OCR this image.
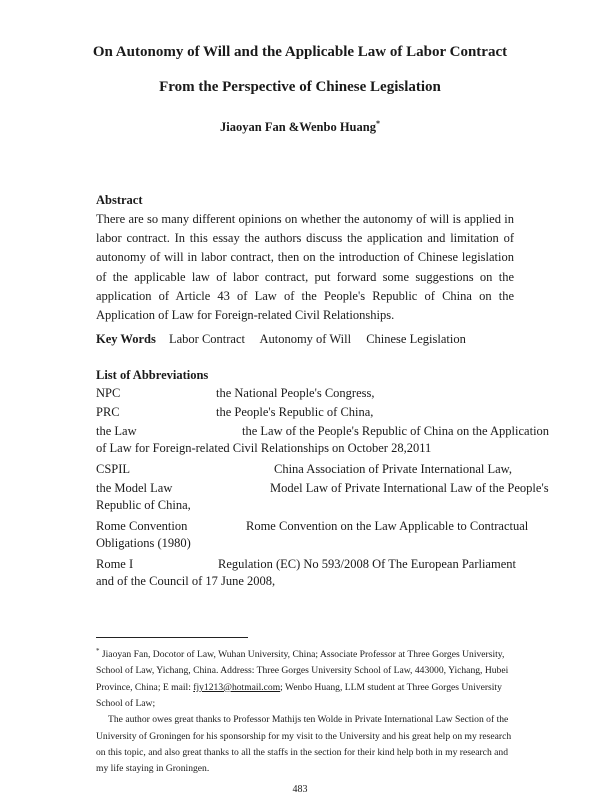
On Autonomy of Will and the Applicable Law of Labor Contract
From the Perspective of Chinese Legislation
Jiaoyan Fan &Wenbo Huang*
Abstract
There are so many different opinions on whether the autonomy of will is applied in labor contract. In this essay the authors discuss the application and limitation of autonomy of will in labor contract, then on the introduction of Chinese legislation of the applicable law of labor contract, put forward some suggestions on the application of Article 43 of Law of the People's Republic of China on the Application of Law for Foreign-related Civil Relationships.
Key Words Labor Contract Autonomy of Will Chinese Legislation
List of Abbreviations
NPC	the National People's Congress,
PRC	the People's Republic of China,
the Law	the Law of the People's Republic of China on the Application
of Law for Foreign-related Civil Relationships on October 28,2011
CSPIL	China Association of Private International Law,
the Model Law	Model Law of Private International Law of the People's
Republic of China,
Rome Convention	Rome Convention on the Law Applicable to Contractual
Obligations (1980)
Rome I	Regulation (EC) No 593/2008 Of The European Parliament
and of the Council of 17 June 2008,

* Jiaoyan Fan, Docotor of Law, Wuhan University, China; Associate Professor at Three Gorges University, School of Law, Yichang, China. Address: Three Gorges University School of Law, 443000, Yichang, Hubei Province, China; E mail: fjy1213@hotmail.com; Wenbo Huang, LLM student at Three Gorges University School of Law;

The author owes great thanks to Professor Mathijs ten Wolde in Private International Law Section of the University of Groningen for his sponsorship for my visit to the University and his great help on my research on this topic, and also great thanks to all the staffs in the section for their kind help both in my research and my life staying in Groningen.

483
